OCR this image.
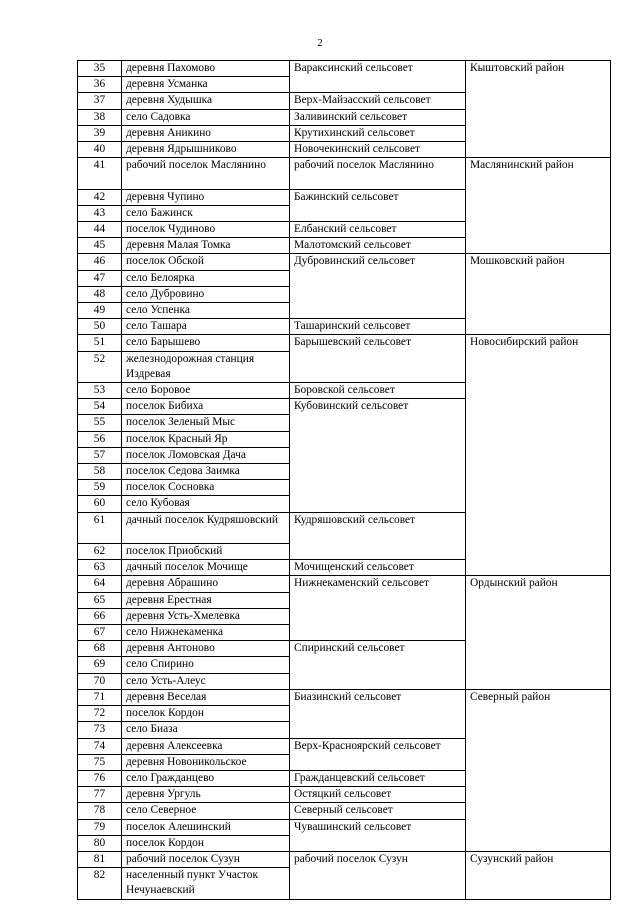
2
35	деревня Пахомово	Вараксинский сельсовет	Кыштовский район
36	деревня Усманка		
37	деревня Худышка	Верх-Майзасский сельсовет	
38	село Садовка	Заливинский сельсовет	
39	деревня Аникино	Крутихинский сельсовет	
40	деревня Ядрышниково	Новочекинский сельсовет	
41	рабочий поселок Маслянино	рабочий поселок Маслянино	Маслянинский район
42	деревня Чупино	Бажинский сельсовет	
43	село Бажинск		
44	поселок Чудиново	Елбанский сельсовет	
45	деревня Малая Томка	Малотомский сельсовет	
46	поселок Обской	Дубровинский сельсовет	Мошковский район
47	село Белоярка		
48	село Дубровино		
49	село Успенка		
50	село Ташара	Ташаринский сельсовет	
51	село Барышево	Барышевский сельсовет	Новосибирский район
52	железнодорожная станция Издревая		
53	село Боровое	Боровской сельсовет	
54	поселок Бибиха	Кубовинский сельсовет	
55	поселок Зеленый Мыс		
56	поселок Красный Яр		
57	поселок Ломовская Дача		
58	поселок Седова Заимка		
59	поселок Сосновка		
60	село Кубовая		
61	дачный поселок Кудряшовский	Кудряшовский сельсовет	
62	поселок Приобский		
63	дачный поселок Мочище	Мочищенский сельсовет	
64	деревня Абрашино	Нижнекаменский сельсовет	Ордынский район
65	деревня Ерестная		
66	деревня Усть-Хмелевка		
67	село Нижнекаменка		
68	деревня Антоново	Спиринский сельсовет	
69	село Спирино		
70	село Усть-Алеус		
71	деревня Веселая	Биазинский сельсовет	Северный район
72	поселок Кордон		
73	село Биаза		
74	деревня Алексеевка	Верх-Красноярский сельсовет	
75	деревня Новоникольское		
76	село Гражданцево	Гражданцевский сельсовет	
77	деревня Ургуль	Остяцкий сельсовет	
78	село Северное	Северный сельсовет	
79	поселок Алешинский	Чувашинский сельсовет	
80	поселок Кордон		
81	рабочий поселок Сузун	рабочий поселок Сузун	Сузунский район
82	населенный пункт Участок Нечунаевский		
